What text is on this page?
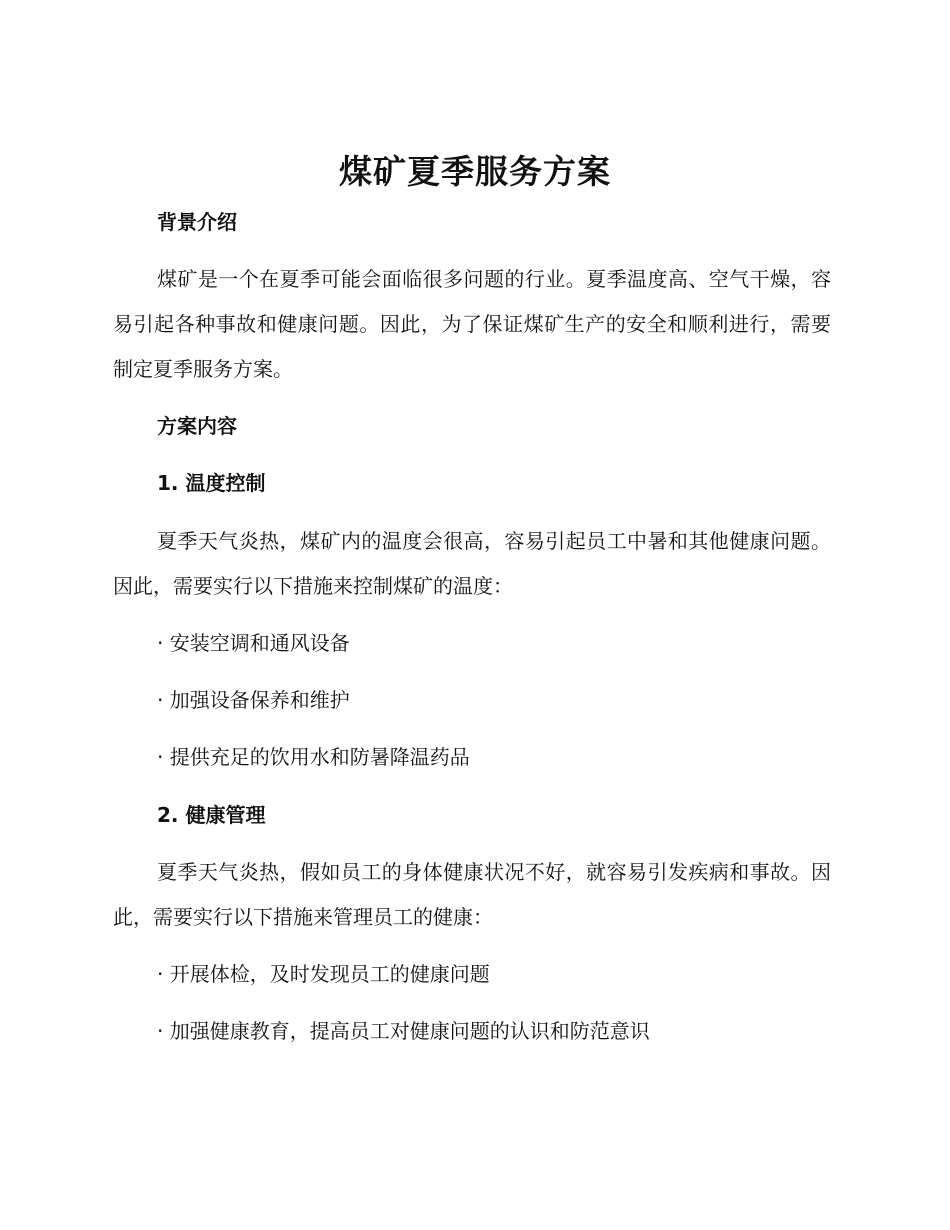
煤矿夏季服务方案
背景介绍

煤矿是一个在夏季可能会面临很多问题的行业。夏季温度高、空气干燥，容易引起各种事故和健康问题。因此，为了保证煤矿生产的安全和顺利进行，需要制定夏季服务方案。

方案内容
1. 温度控制

夏季天气炎热，煤矿内的温度会很高，容易引起员工中暑和其他健康问题。因此，需要实行以下措施来控制煤矿的温度：

· 安装空调和通风设备
· 加强设备保养和维护
· 提供充足的饮用水和防暑降温药品
2. 健康管理

夏季天气炎热，假如员工的身体健康状况不好，就容易引发疾病和事故。因此，需要实行以下措施来管理员工的健康：

· 开展体检，及时发现员工的健康问题
· 加强健康教育，提高员工对健康问题的认识和防范意识
